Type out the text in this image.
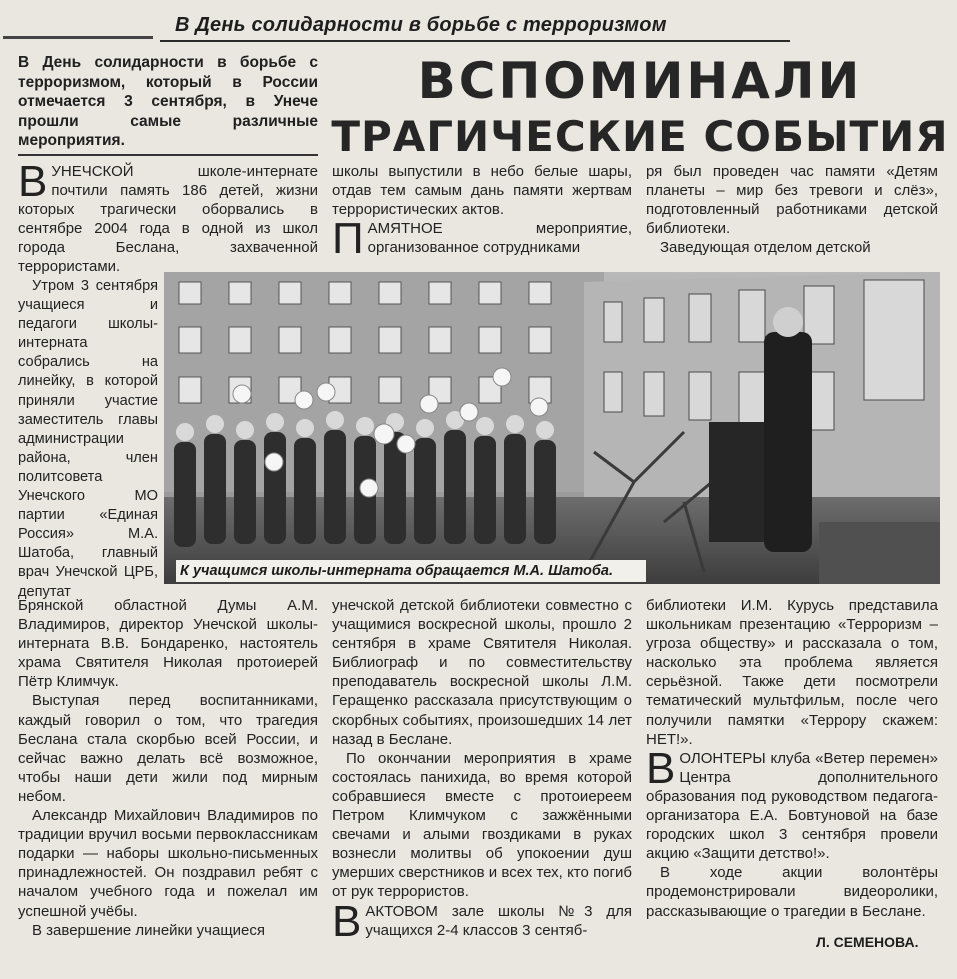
В День солидарности в борьбе с терроризмом
В День солидарности в борьбе с терроризмом, который в России отмечается 3 сентября, в Унече прошли самые различные мероприятия.
ВСПОМИНАЛИ
ТРАГИЧЕСКИЕ СОБЫТИЯ

ВУНЕЧСКОЙ школе-интернате почтили память 186 детей, жизни которых трагически оборвались в сентябре 2004 года в одной из школ города Беслана, захваченной террористами.

Утром 3 сентября учащиеся и педагоги школы-интерната собрались на линейку, в которой приняли участие заместитель главы администрации района, член политсовета Унечского МО партии «Единая Россия» М.А. Шатоба, главный врач Унечской ЦРБ, депутат

Брянской областной Думы А.М. Владимиров, директор Унечской школы-интерната В.В. Бондаренко, настоятель храма Святителя Николая протоиерей Пётр Климчук.

Выступая перед воспитанниками, каждый говорил о том, что трагедия Беслана стала скорбью всей России, и сейчас важно делать всё возможное, чтобы наши дети жили под мирным небом.

Александр Михайлович Владимиров по традиции вручил восьми первоклассникам подарки — наборы школьно-письменных принадлежностей. Он поздравил ребят с началом учебного года и пожелал им успешной учёбы.

В завершение линейки учащиеся

школы выпустили в небо белые шары, отдав тем самым дань памяти жертвам террористических актов.

ПАМЯТНОЕ мероприятие, организованное сотрудниками

унечской детской библиотеки совместно с учащимися воскресной школы, прошло 2 сентября в храме Святителя Николая. Библиограф и по совместительству преподаватель воскресной школы Л.М. Геращенко рассказала присутствующим о скорбных событиях, произошедших 14 лет назад в Беслане.

По окончании мероприятия в храме состоялась панихида, во время которой собравшиеся вместе с протоиереем Петром Климчуком с зажжёнными свечами и алыми гвоздиками в руках вознесли молитвы об упокоении душ умерших сверстников и всех тех, кто погиб от рук террористов.

ВАКТОВОМ зале школы №3 для учащихся 2-4 классов 3 сентяб-

ря был проведен час памяти «Детям планеты – мир без тревоги и слёз», подготовленный работниками детской библиотеки.

Заведующая отделом детской

библиотеки И.М. Курусь представила школьникам презентацию «Терроризм – угроза обществу» и рассказала о том, насколько эта проблема является серьёзной. Также дети посмотрели тематический мультфильм, после чего получили памятки «Террору скажем: НЕТ!».

ВОЛОНТЕРЫ клуба «Ветер перемен» Центра дополнительного образования под руководством педагога-организатора Е.А. Бовтуновой на базе городских школ 3 сентября провели акцию «Защити детство!».

В ходе акции волонтёры продемонстрировали видеоролики, рассказывающие о трагедии в Беслане.

Л. СЕМЕНОВА.
К учащимся школы-интерната обращается М.А. Шатоба.
